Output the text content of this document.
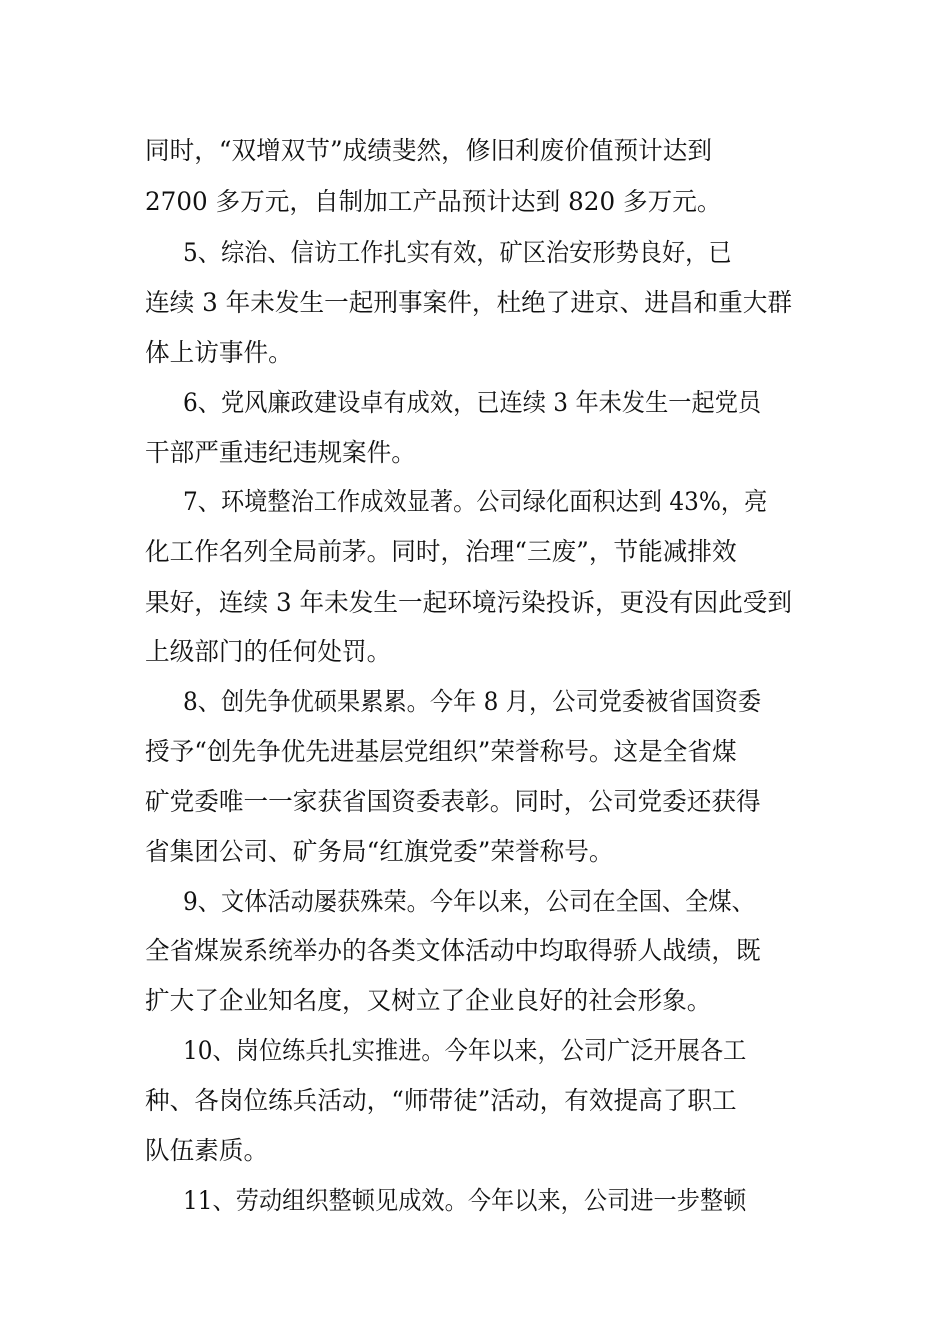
同时，“双增双节”成绩斐然，修旧利废价值预计达到
2700 多万元，自制加工产品预计达到 820 多万元。
5、综治、信访工作扎实有效，矿区治安形势良好，已
连续 3 年未发生一起刑事案件，杜绝了进京、进昌和重大群
体上访事件。
6、党风廉政建设卓有成效，已连续 3 年未发生一起党员
干部严重违纪违规案件。
7、环境整治工作成效显著。公司绿化面积达到 43%，亮
化工作名列全局前茅。同时，治理“三废”，节能减排效
果好，连续 3 年未发生一起环境污染投诉，更没有因此受到
上级部门的任何处罚。
8、创先争优硕果累累。今年 8 月，公司党委被省国资委
授予“创先争优先进基层党组织”荣誉称号。这是全省煤
矿党委唯一一家获省国资委表彰。同时，公司党委还获得
省集团公司、矿务局“红旗党委”荣誉称号。
9、文体活动屡获殊荣。今年以来，公司在全国、全煤、
全省煤炭系统举办的各类文体活动中均取得骄人战绩，既
扩大了企业知名度，又树立了企业良好的社会形象。
10、岗位练兵扎实推进。今年以来，公司广泛开展各工
种、各岗位练兵活动，“师带徒”活动，有效提高了职工
队伍素质。
11、劳动组织整顿见成效。今年以来，公司进一步整顿
